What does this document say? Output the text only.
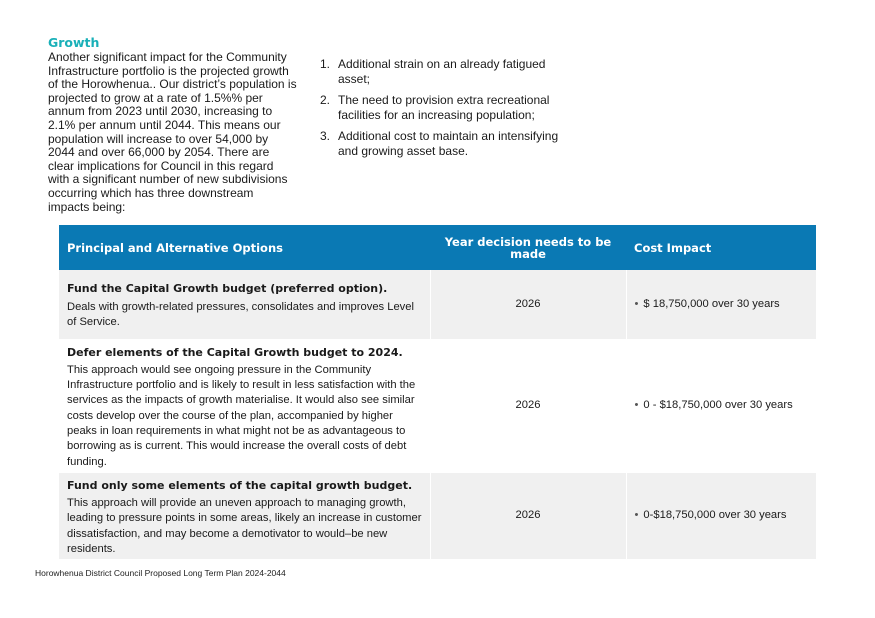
Growth

Another significant impact for the Community Infrastructure portfolio is the projected growth of the Horowhenua.. Our district’s population is projected to grow at a rate of 1.5%% per annum from 2023 until 2030, increasing to 2.1% per annum until 2044. This means our population will increase to over 54,000 by 2044 and over 66,000 by 2054. There are clear implications for Council in this regard with a significant number of new subdivisions occurring which has three downstream impacts being:

1. Additional strain on an already fatigued asset;
2. The need to provision extra recreational facilities for an increasing population;
3. Additional cost to maintain an intensifying and growing asset base.
Principal and Alternative Options	Year decision needs to be made	Cost Impact

Fund the Capital Growth budget (preferred option).
Deals with growth-related pressures, consolidates and improves Level of Service.	2026	• $ 18,750,000 over 30 years

Defer elements of the Capital Growth budget to 2024.
This approach would see ongoing pressure in the Community Infrastructure portfolio and is likely to result in less satisfaction with the services as the impacts of growth materialise. It would also see similar costs develop over the course of the plan, accompanied by higher peaks in loan requirements in what might not be as advantageous to borrowing as is current. This would increase the overall costs of debt funding.	2026	• 0 - $18,750,000 over 30 years

Fund only some elements of the capital growth budget.
This approach will provide an uneven approach to managing growth, leading to pressure points in some areas, likely an increase in customer dissatisfaction, and may become a demotivator to would–be new residents.	2026	• 0-$18,750,000 over 30 years
Horowhenua District Council Proposed Long Term Plan 2024-2044
